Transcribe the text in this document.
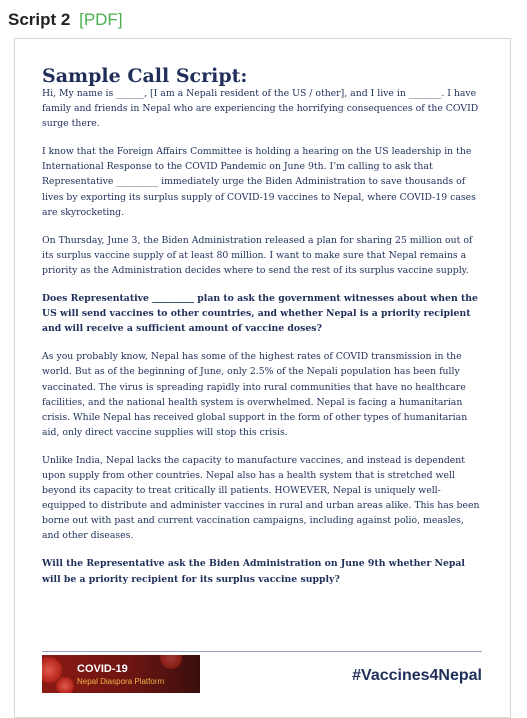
Script 2 [PDF]
Sample Call Script:

Hi, My name is ______, [I am a Nepali resident of the US / other], and I live in _______. I have family and friends in Nepal who are experiencing the horrifying consequences of the COVID surge there.

I know that the Foreign Affairs Committee is holding a hearing on the US leadership in the International Response to the COVID Pandemic on June 9th. I’m calling to ask that Representative _________ immediately urge the Biden Administration to save thousands of lives by exporting its surplus supply of COVID-19 vaccines to Nepal, where COVID-19 cases are skyrocketing.

On Thursday, June 3, the Biden Administration released a plan for sharing 25 million out of its surplus vaccine supply of at least 80 million. I want to make sure that Nepal remains a priority as the Administration decides where to send the rest of its surplus vaccine supply.

Does Representative _________ plan to ask the government witnesses about when the US will send vaccines to other countries, and whether Nepal is a priority recipient and will receive a sufficient amount of vaccine doses?

As you probably know, Nepal has some of the highest rates of COVID transmission in the world. But as of the beginning of June, only 2.5% of the Nepali population has been fully vaccinated. The virus is spreading rapidly into rural communities that have no healthcare facilities, and the national health system is overwhelmed. Nepal is facing a humanitarian crisis. While Nepal has received global support in the form of other types of humanitarian aid, only direct vaccine supplies will stop this crisis.

Unlike India, Nepal lacks the capacity to manufacture vaccines, and instead is dependent upon supply from other countries. Nepal also has a health system that is stretched well beyond its capacity to treat critically ill patients. HOWEVER, Nepal is uniquely well-equipped to distribute and administer vaccines in rural and urban areas alike. This has been borne out with past and current vaccination campaigns, including against polio, measles, and other diseases.

Will the Representative ask the Biden Administration on June 9th whether Nepal will be a priority recipient for its surplus vaccine supply?

COVID-19
Nepal Diaspora Platform	#Vaccines4Nepal
